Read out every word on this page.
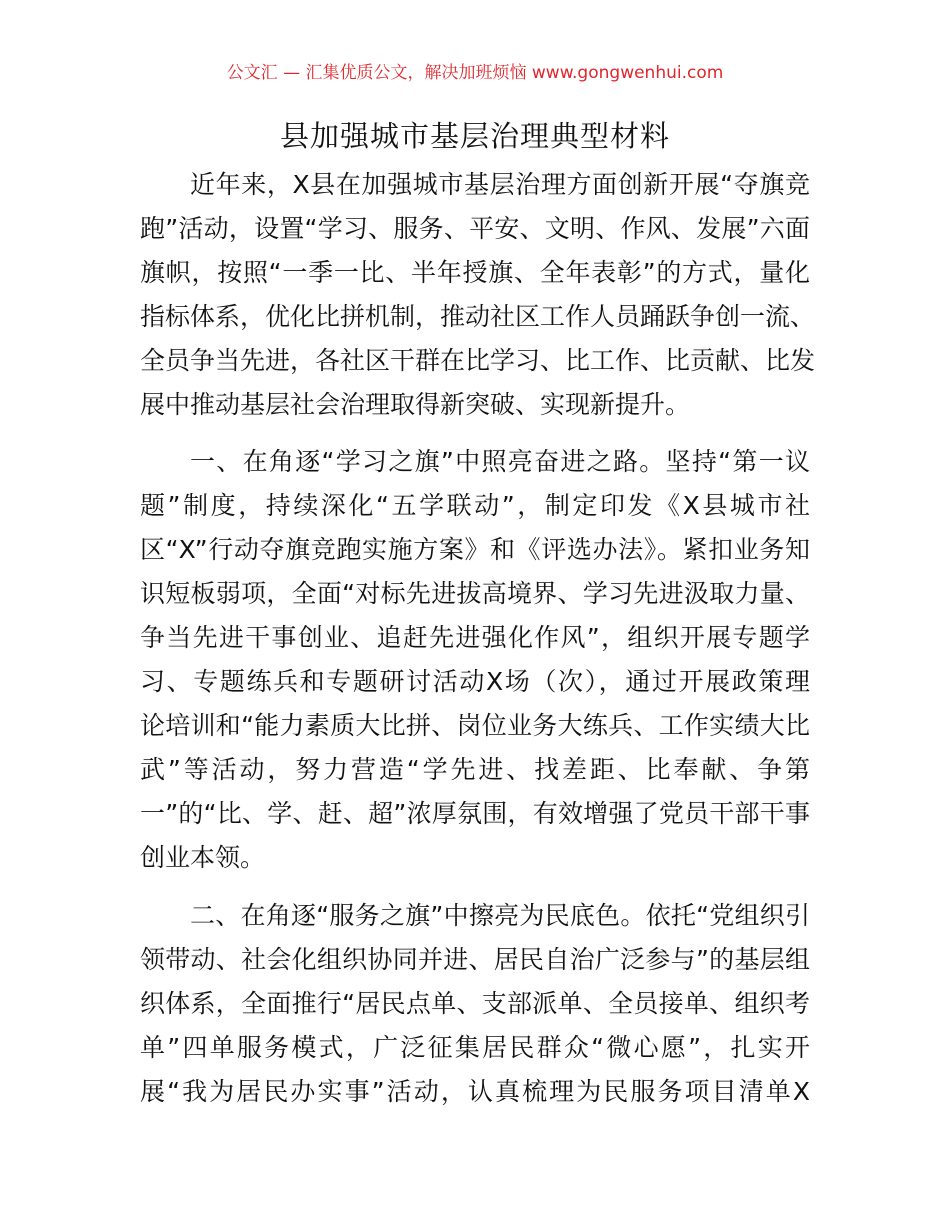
公文汇 — 汇集优质公文，解决加班烦恼 www.gongwenhui.com
县加强城市基层治理典型材料
近年来，X县在加强城市基层治理方面创新开展“夺旗竞
跑”活动，设置“学习、服务、平安、文明、作风、发展”六面
旗帜，按照“一季一比、半年授旗、全年表彰”的方式，量化
指标体系，优化比拼机制，推动社区工作人员踊跃争创一流、
全员争当先进，各社区干群在比学习、比工作、比贡献、比发
展中推动基层社会治理取得新突破、实现新提升。
一、在角逐“学习之旗”中照亮奋进之路。坚持“第一议
题”制度，持续深化“五学联动”，制定印发《X县城市社
区“X”行动夺旗竞跑实施方案》和《评选办法》。紧扣业务知
识短板弱项，全面“对标先进拔高境界、学习先进汲取力量、
争当先进干事创业、追赶先进强化作风”，组织开展专题学
习、专题练兵和专题研讨活动X场（次），通过开展政策理
论培训和“能力素质大比拼、岗位业务大练兵、工作实绩大比
武”等活动，努力营造“学先进、找差距、比奉献、争第
一”的“比、学、赶、超”浓厚氛围，有效增强了党员干部干事
创业本领。
二、在角逐“服务之旗”中擦亮为民底色。依托“党组织引
领带动、社会化组织协同并进、居民自治广泛参与”的基层组
织体系，全面推行“居民点单、支部派单、全员接单、组织考
单”四单服务模式，广泛征集居民群众“微心愿”，扎实开
展“我为居民办实事”活动，认真梳理为民服务项目清单X
